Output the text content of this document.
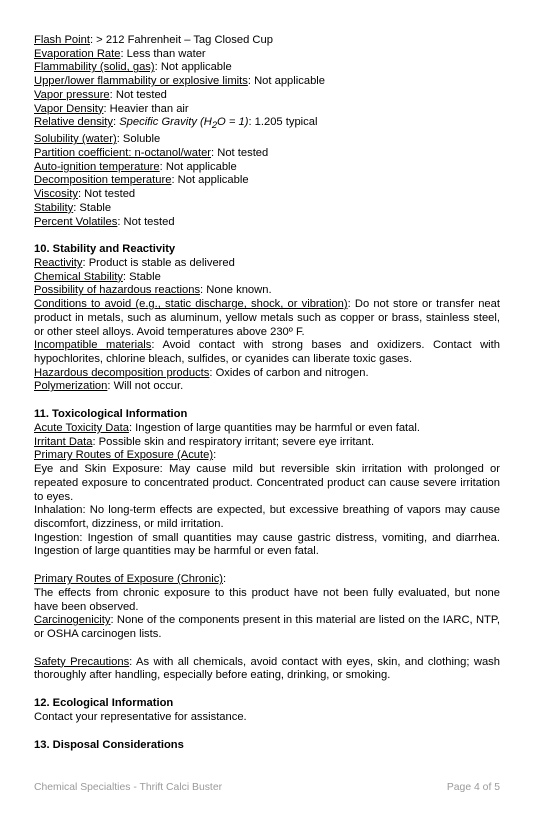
Flash Point: > 212 Fahrenheit – Tag Closed Cup
Evaporation Rate: Less than water
Flammability (solid, gas): Not applicable
Upper/lower flammability or explosive limits: Not applicable
Vapor pressure: Not tested
Vapor Density: Heavier than air
Relative density: Specific Gravity $(H_2O = 1)$: 1.205 typical
Solubility (water): Soluble
Partition coefficient: n-octanol/water: Not tested
Auto-ignition temperature: Not applicable
Decomposition temperature: Not applicable
Viscosity: Not tested
Stability: Stable
Percent Volatiles: Not tested
10. Stability and Reactivity
Reactivity: Product is stable as delivered
Chemical Stability: Stable
Possibility of hazardous reactions: None known.
Conditions to avoid (e.g., static discharge, shock, or vibration): Do not store or transfer neat product in metals, such as aluminum, yellow metals such as copper or brass, stainless steel, or other steel alloys. Avoid temperatures above 230º F.
Incompatible materials: Avoid contact with strong bases and oxidizers. Contact with hypochlorites, chlorine bleach, sulfides, or cyanides can liberate toxic gases.
Hazardous decomposition products: Oxides of carbon and nitrogen.
Polymerization: Will not occur.
11. Toxicological Information
Acute Toxicity Data: Ingestion of large quantities may be harmful or even fatal.
Irritant Data: Possible skin and respiratory irritant; severe eye irritant.
Primary Routes of Exposure (Acute):
Eye and Skin Exposure: May cause mild but reversible skin irritation with prolonged or repeated exposure to concentrated product. Concentrated product can cause severe irritation to eyes.
Inhalation: No long-term effects are expected, but excessive breathing of vapors may cause discomfort, dizziness, or mild irritation.
Ingestion: Ingestion of small quantities may cause gastric distress, vomiting, and diarrhea. Ingestion of large quantities may be harmful or even fatal.
Primary Routes of Exposure (Chronic):
The effects from chronic exposure to this product have not been fully evaluated, but none have been observed.
Carcinogenicity: None of the components present in this material are listed on the IARC, NTP, or OSHA carcinogen lists.
Safety Precautions: As with all chemicals, avoid contact with eyes, skin, and clothing; wash thoroughly after handling, especially before eating, drinking, or smoking.
12. Ecological Information
Contact your representative for assistance.
13. Disposal Considerations
Chemical Specialties - Thrift Calci Buster	Page 4 of 5
